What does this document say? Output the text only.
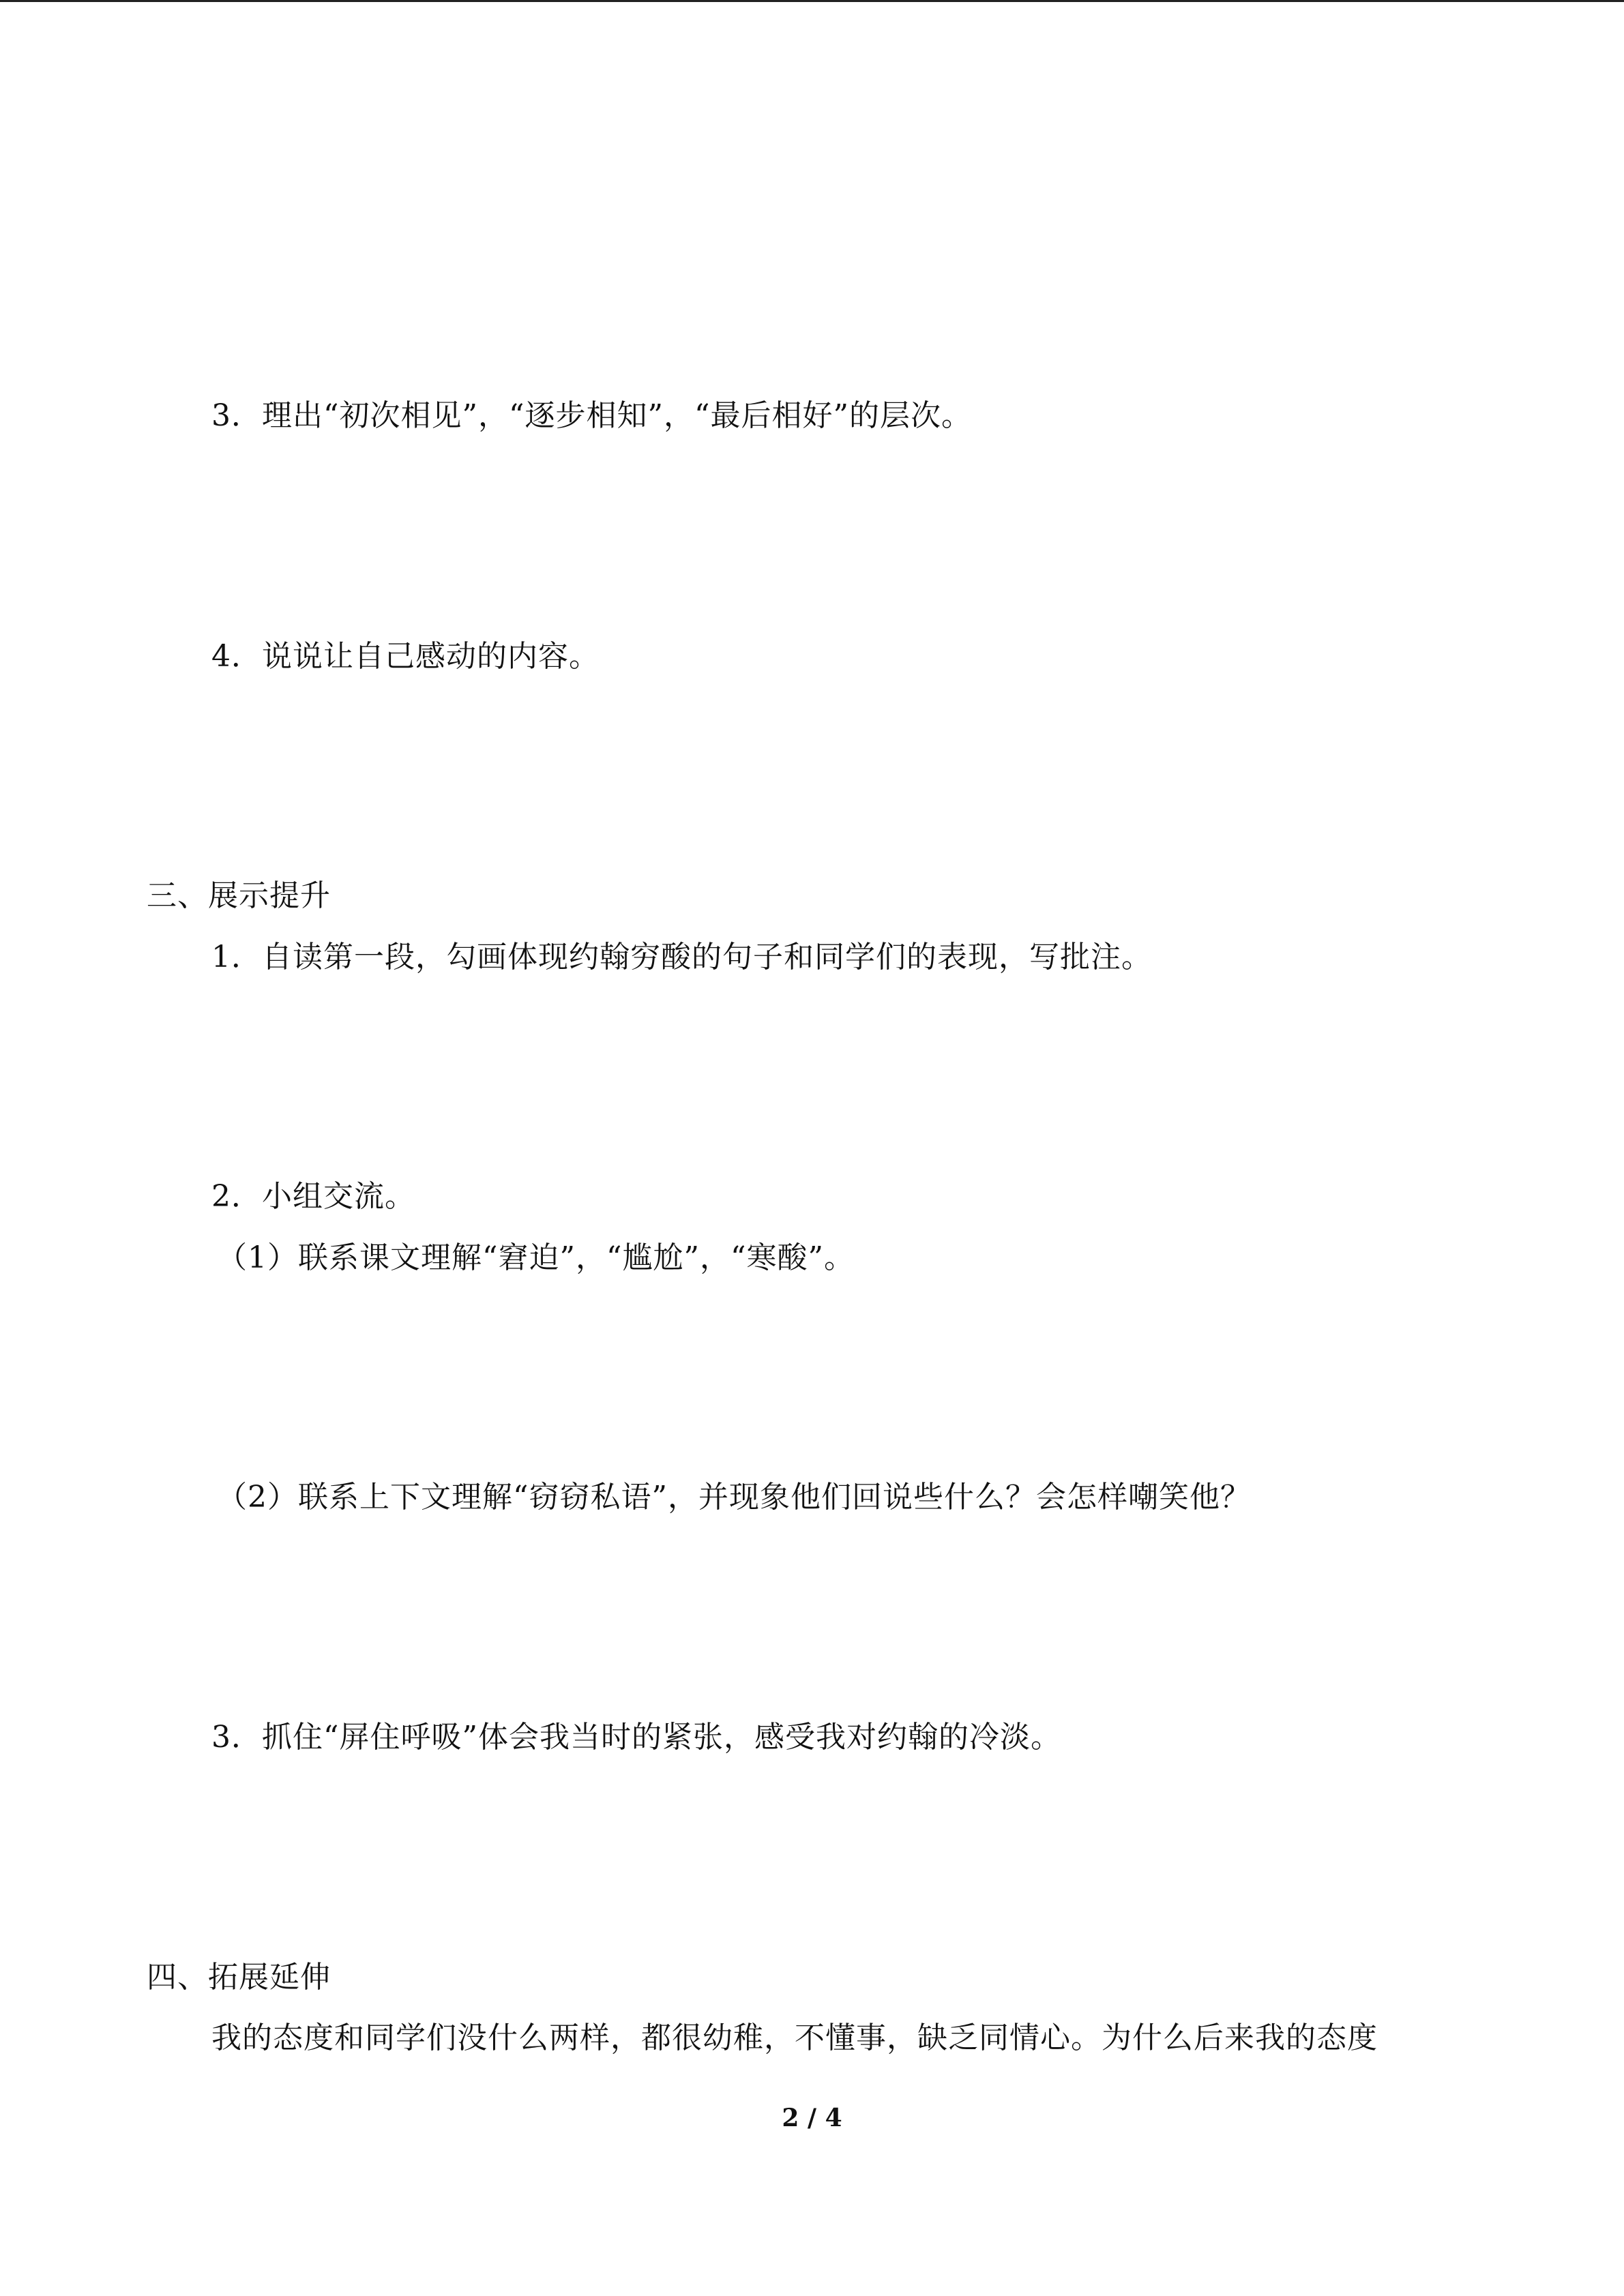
3．理出“初次相见”，“逐步相知”，“最后相好”的层次。
4．说说让自己感动的内容。
三、展示提升
1．自读第一段，勾画体现约翰穷酸的句子和同学们的表现，写批注。
2．小组交流。
（1）联系课文理解“窘迫”，“尴尬”，“寒酸”。
（2）联系上下文理解“窃窃私语”，并现象他们回说些什么？会怎样嘲笑他？
3．抓住“屏住呼吸”体会我当时的紧张，感受我对约翰的冷淡。
四、拓展延伸
我的态度和同学们没什么两样，都很幼稚，不懂事，缺乏同情心。为什么后来我的态度
2 / 4
